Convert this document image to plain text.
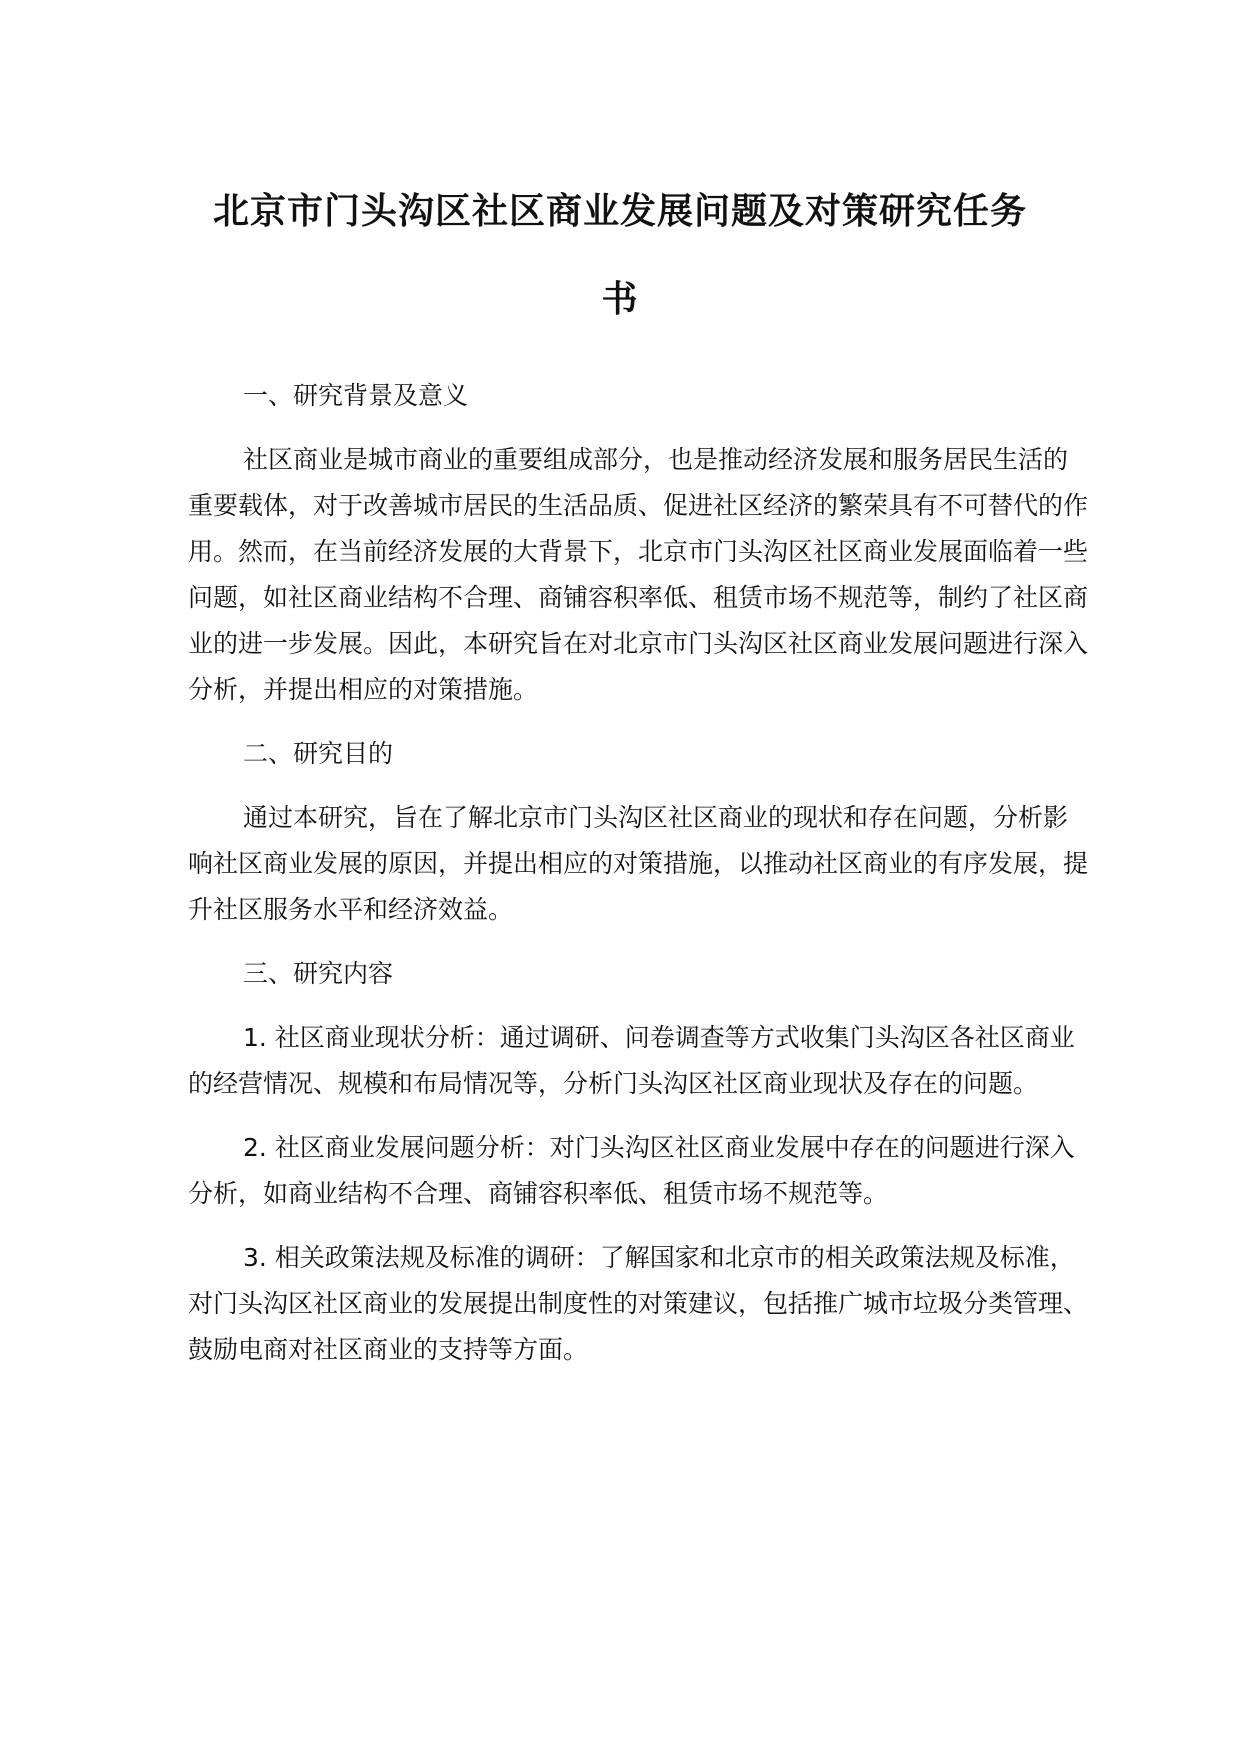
北京市门头沟区社区商业发展问题及对策研究任务
书

一、研究背景及意义

社区商业是城市商业的重要组成部分，也是推动经济发展和服务居民生活的重要载体，对于改善城市居民的生活品质、促进社区经济的繁荣具有不可替代的作用。然而，在当前经济发展的大背景下，北京市门头沟区社区商业发展面临着一些问题，如社区商业结构不合理、商铺容积率低、租赁市场不规范等，制约了社区商业的进一步发展。因此，本研究旨在对北京市门头沟区社区商业发展问题进行深入分析，并提出相应的对策措施。

二、研究目的

通过本研究，旨在了解北京市门头沟区社区商业的现状和存在问题，分析影响社区商业发展的原因，并提出相应的对策措施，以推动社区商业的有序发展，提升社区服务水平和经济效益。

三、研究内容

1. 社区商业现状分析：通过调研、问卷调查等方式收集门头沟区各社区商业的经营情况、规模和布局情况等，分析门头沟区社区商业现状及存在的问题。

2. 社区商业发展问题分析：对门头沟区社区商业发展中存在的问题进行深入分析，如商业结构不合理、商铺容积率低、租赁市场不规范等。

3. 相关政策法规及标准的调研：了解国家和北京市的相关政策法规及标准，对门头沟区社区商业的发展提出制度性的对策建议，包括推广城市垃圾分类管理、鼓励电商对社区商业的支持等方面。
